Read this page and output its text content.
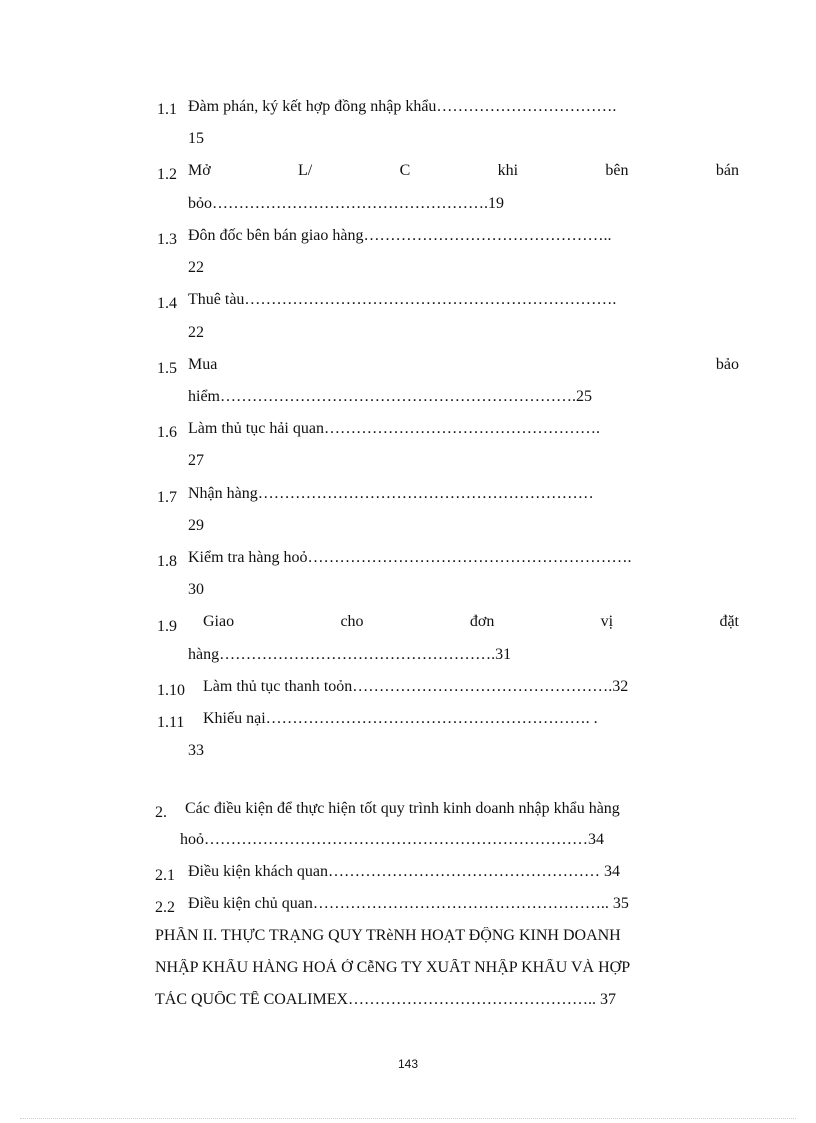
1.1 Đàm phán, ký kết hợp đồng nhập khẩu…………………………….
15
1.2 Mở	L/	C	khi	bên	bán
bỏo…………………………………………….19
1.3 Đôn đốc bên bán giao hàng………………………………………..
22
1.4 Thuê tàu…………………………………………………………….
22
1.5 Mua	bảo
hiểm………………………………………………………….25
1.6 Làm thủ tục hải quan…………………………………………….
27
1.7 Nhận hàng………………………………………………………
29
1.8 Kiểm tra hàng hoỏ…………………………………………………….
30
1.9 Giao	cho	đơn	vị	đặt
hàng…………………………………………….31
1.10 Làm thủ tục thanh toỏn………………………………………….32
1.11 Khiếu nại……………………………………………………. .
33
2. Các điều kiện để thực hiện tốt quy trình kinh doanh nhập khẩu hàng
hoỏ………………………………………………………………34
2.1 Điều kiện khách quan…………………………………………… 34
2.2 Điều kiện chủ quan……………………………………………….. 35
PHẦN II. THỰC TRẠNG QUY TRèNH HOẠT ĐỘNG KINH DOANH
NHẬP KHẨU HÀNG HOÁ Ở CễNG TY XUẤT NHẬP KHẨU VÀ HỢP
TÁC QUỐC TẾ COALIMEX……………………………………….. 37
143
